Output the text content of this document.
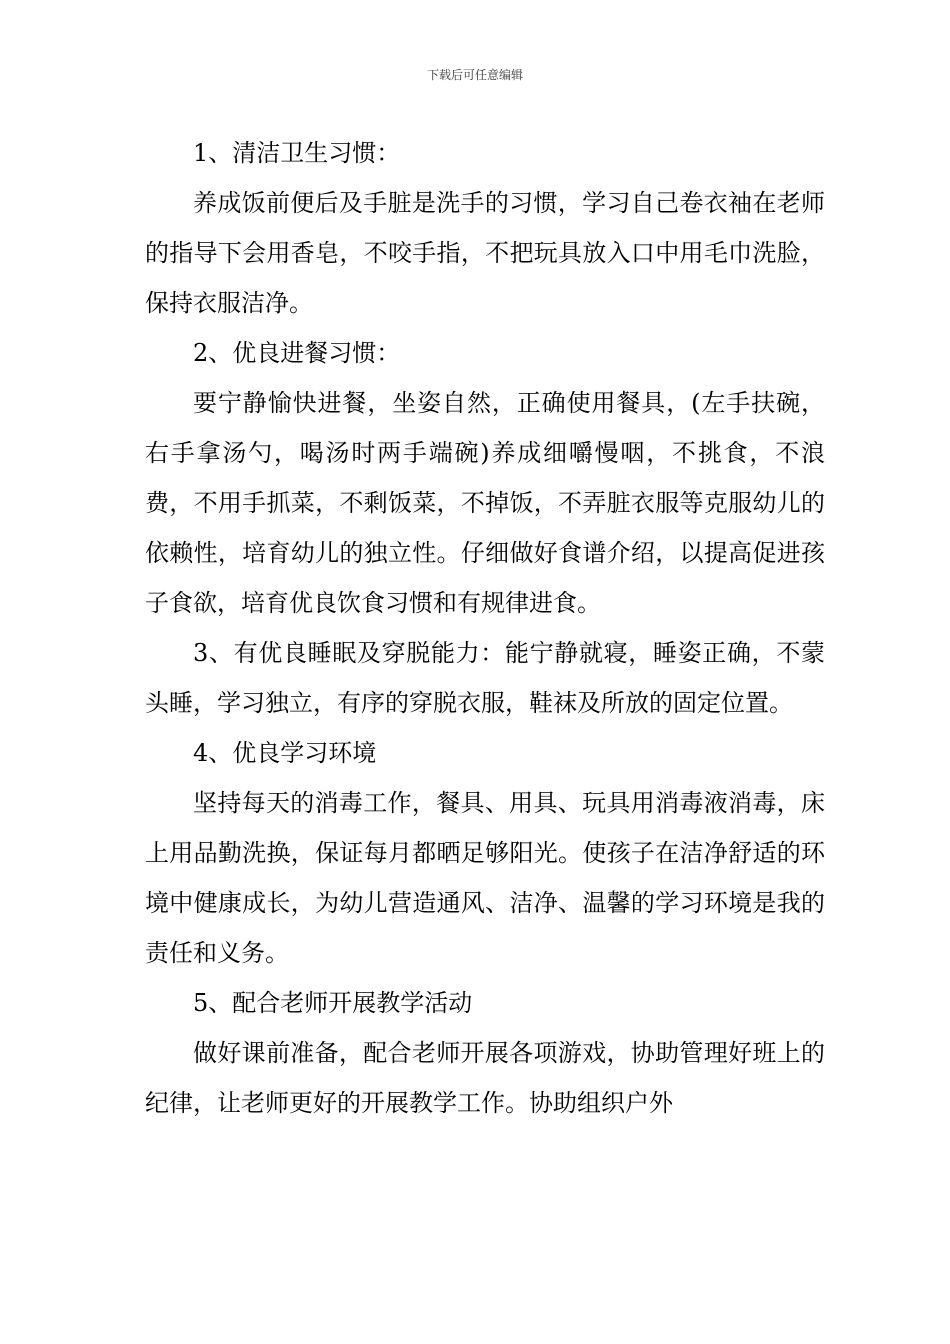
下载后可任意编辑

1、清洁卫生习惯：

养成饭前便后及手脏是洗手的习惯，学习自己卷衣袖在老师的指导下会用香皂，不咬手指，不把玩具放入口中用毛巾洗脸，保持衣服洁净。

2、优良进餐习惯：

要宁静愉快进餐，坐姿自然，正确使用餐具，(左手扶碗，右手拿汤勺，喝汤时两手端碗)养成细嚼慢咽，不挑食，不浪费，不用手抓菜，不剩饭菜，不掉饭，不弄脏衣服等克服幼儿的依赖性，培育幼儿的独立性。仔细做好食谱介绍，以提高促进孩子食欲，培育优良饮食习惯和有规律进食。

3、有优良睡眠及穿脱能力：能宁静就寝，睡姿正确，不蒙头睡，学习独立，有序的穿脱衣服，鞋袜及所放的固定位置。

4、优良学习环境

坚持每天的消毒工作，餐具、用具、玩具用消毒液消毒，床上用品勤洗换，保证每月都晒足够阳光。使孩子在洁净舒适的环境中健康成长，为幼儿营造通风、洁净、温馨的学习环境是我的责任和义务。

5、配合老师开展教学活动

做好课前准备，配合老师开展各项游戏，协助管理好班上的纪律，让老师更好的开展教学工作。协助组织户外
